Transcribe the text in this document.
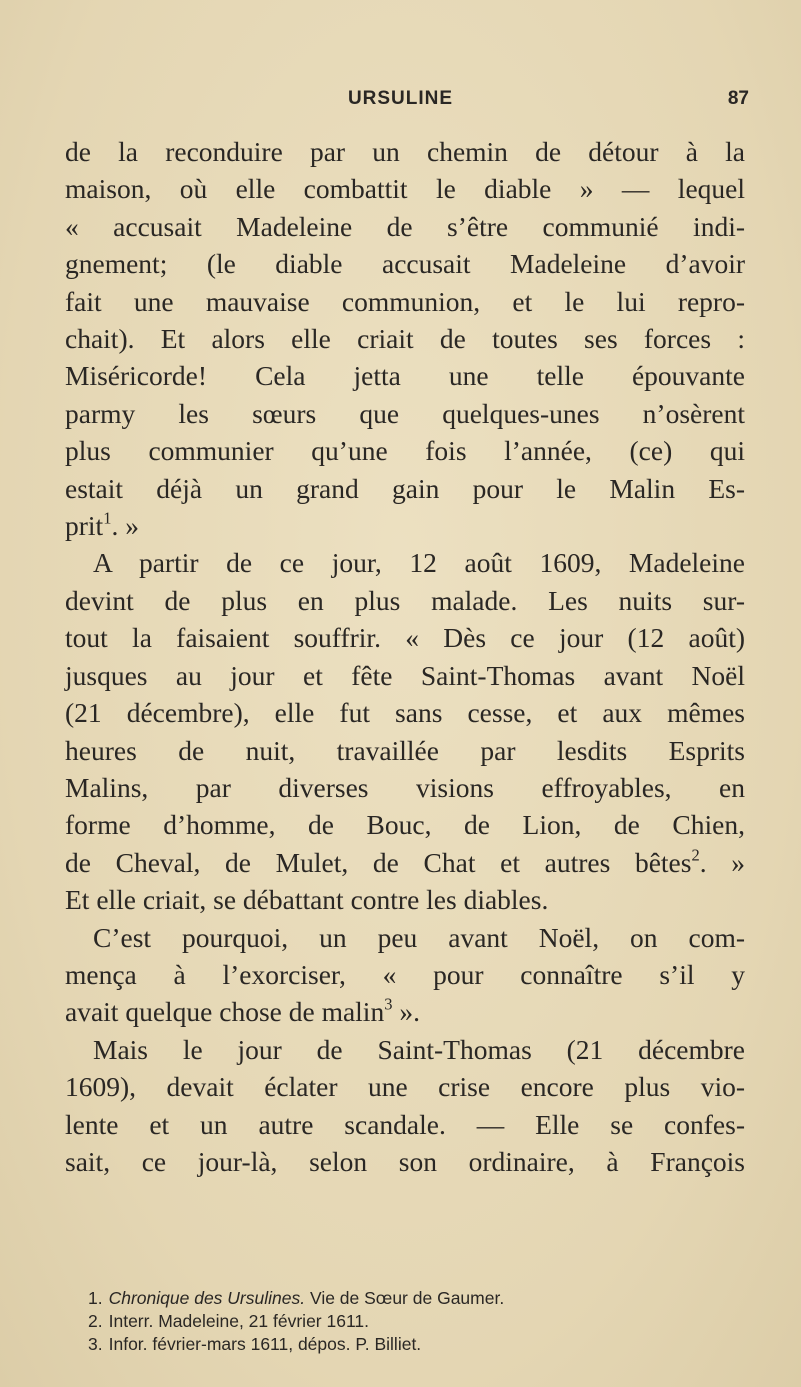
URSULINE	87
de la reconduire par un chemin de détour à la
maison, où elle combattit le diable » — lequel
« accusait Madeleine de s’être communié indi-
gnement; (le diable accusait Madeleine d’avoir
fait une mauvaise communion, et le lui repro-
chait). Et alors elle criait de toutes ses forces :
Miséricorde! Cela jetta une telle épouvante
parmy les sœurs que quelques-unes n’osèrent
plus communier qu’une fois l’année, (ce) qui
estait déjà un grand gain pour le Malin Es-
prit$^1$. »
A partir de ce jour, 12 août 1609, Madeleine
devint de plus en plus malade. Les nuits sur-
tout la faisaient souffrir. « Dès ce jour (12 août)
jusques au jour et fête Saint-Thomas avant Noël
(21 décembre), elle fut sans cesse, et aux mêmes
heures de nuit, travaillée par lesdits Esprits
Malins, par diverses visions effroyables, en
forme d’homme, de Bouc, de Lion, de Chien,
de Cheval, de Mulet, de Chat et autres bêtes$^2$. »
Et elle criait, se débattant contre les diables.
C’est pourquoi, un peu avant Noël, on com-
mença à l’exorciser, « pour connaître s’il y
avait quelque chose de malin$^3$ ».
Mais le jour de Saint-Thomas (21 décembre
1609), devait éclater une crise encore plus vio-
lente et un autre scandale. — Elle se confes-
sait, ce jour-là, selon son ordinaire, à François
1. Chronique des Ursulines. Vie de Sœur de Gaumer.
2. Interr. Madeleine, 21 février 1611.
3. Infor. février-mars 1611, dépos. P. Billiet.
